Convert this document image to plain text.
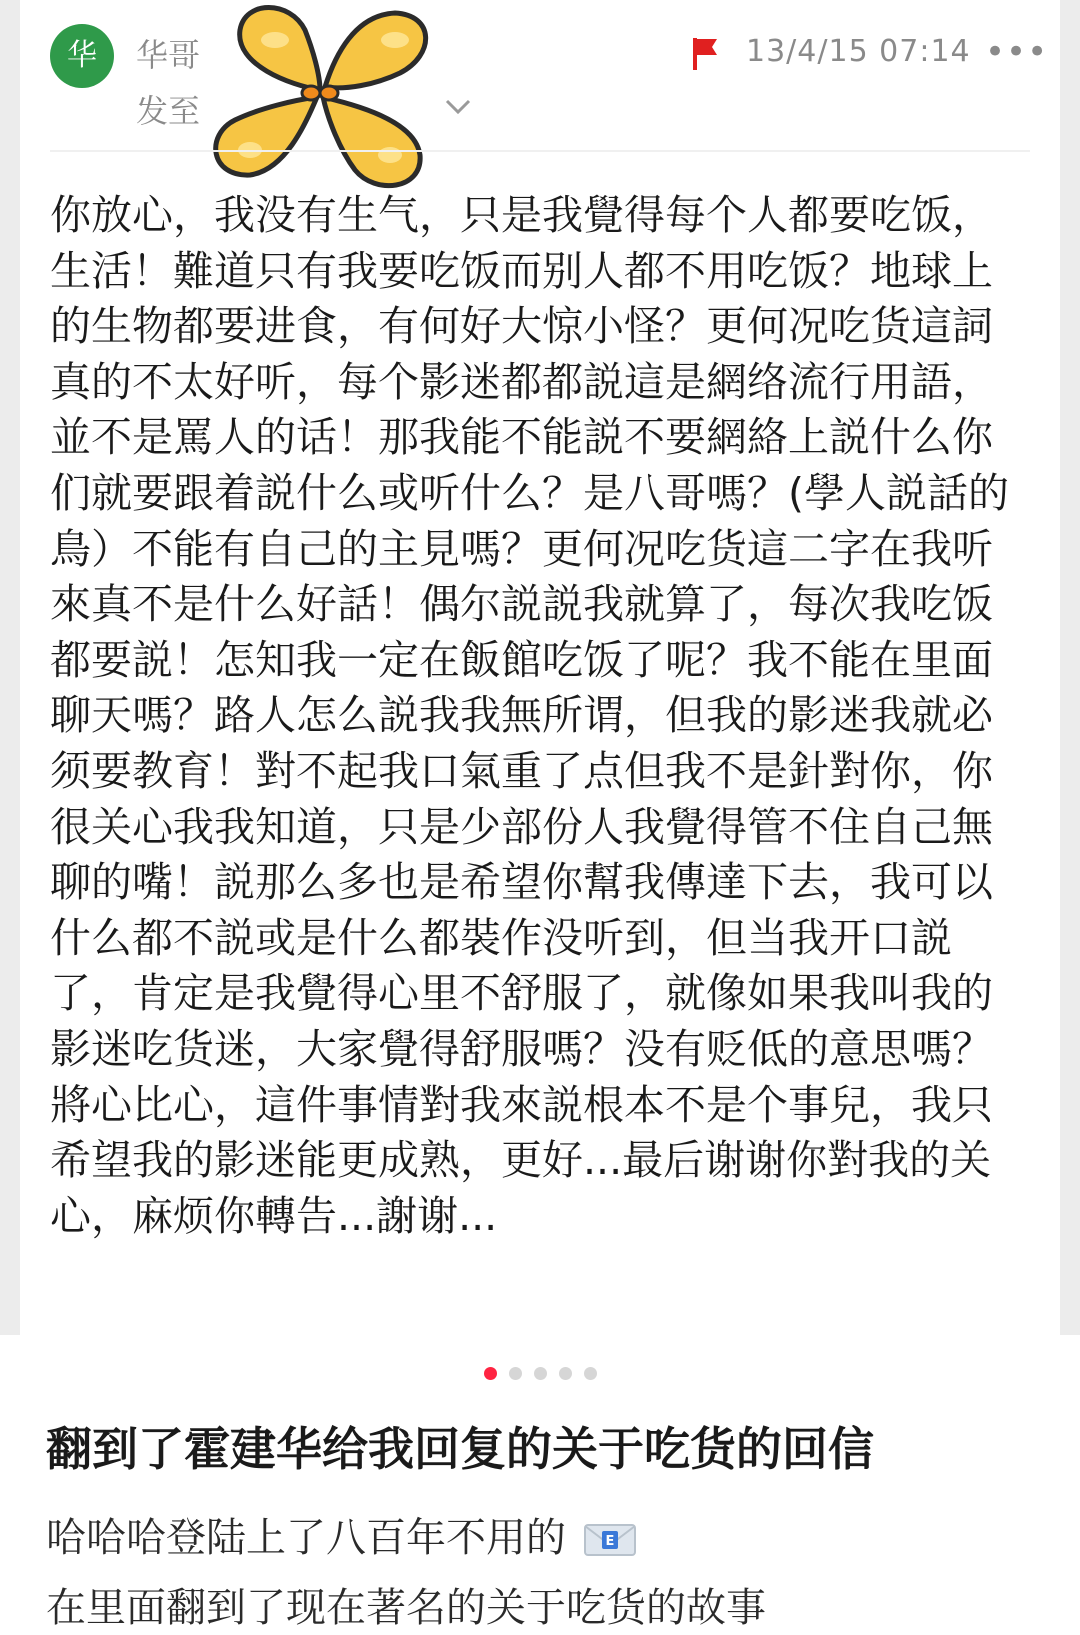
华	华哥
发至
13/4/15 07:14 •••

你放心，我没有生气，只是我覺得每个人都要吃饭，生活！難道只有我要吃饭而别人都不用吃饭？地球上的生物都要进食，有何好大惊小怪？更何况吃货這詞真的不太好听，每个影迷都都説這是網络流行用語，並不是罵人的话！那我能不能説不要網絡上説什么你们就要跟着説什么或听什么？是八哥嗎？(學人説話的鳥）不能有自己的主見嗎？更何况吃货這二字在我听來真不是什么好話！偶尔説説我就算了，每次我吃饭都要説！怎知我一定在飯館吃饭了呢？我不能在里面聊天嗎？路人怎么説我我無所谓，但我的影迷我就必须要教育！對不起我口氣重了点但我不是針對你，你很关心我我知道，只是少部份人我覺得管不住自己無聊的嘴！説那么多也是希望你幫我傳達下去，我可以什么都不説或是什么都裝作没听到，但当我开口説了，肯定是我覺得心里不舒服了，就像如果我叫我的影迷吃货迷，大家覺得舒服嗎？没有贬低的意思嗎？將心比心，這件事情對我來説根本不是个事兒，我只希望我的影迷能更成熟，更好...最后谢谢你對我的关心，麻烦你轉告...謝谢...

翻到了霍建华给我回复的关于吃货的回信
哈哈哈登陆上了八百年不用的	E
在里面翻到了现在著名的关于吃货的故事
